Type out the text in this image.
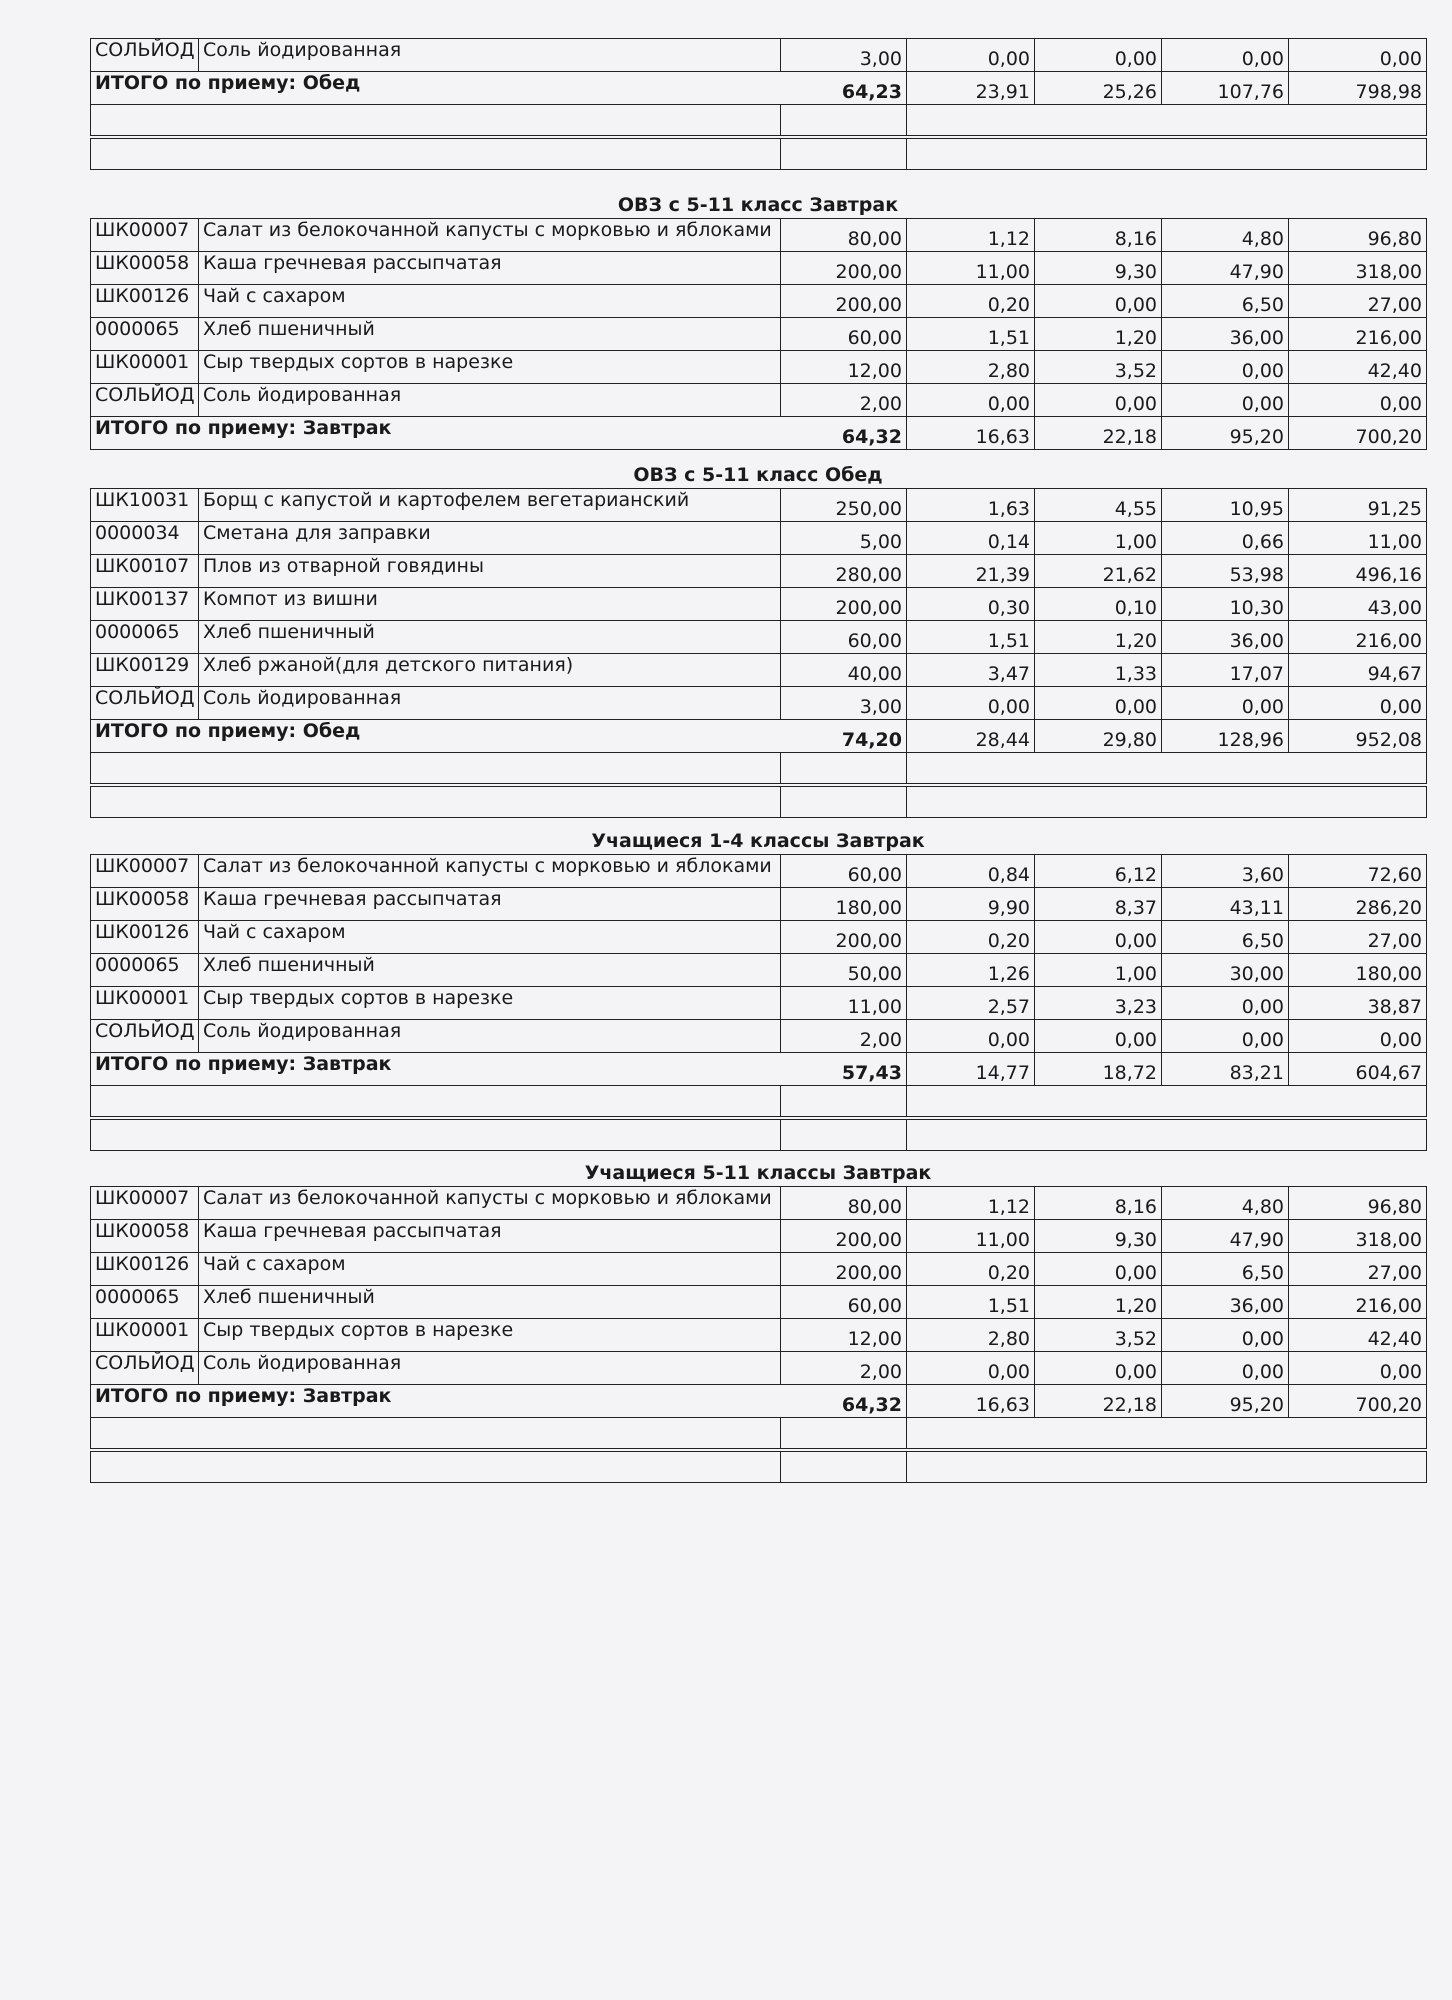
СОЛЬЙОД	Соль йодированная	3,00	0,00	0,00	0,00	0,00
ИТОГО по приему: Обед		64,23	23,91	25,26	107,76	798,98

ОВЗ с 5-11 класс Завтрак
ШК00007	Салат из белокочанной капусты с морковью и яблоками	80,00	1,12	8,16	4,80	96,80
ШК00058	Каша гречневая рассыпчатая	200,00	11,00	9,30	47,90	318,00
ШК00126	Чай с сахаром	200,00	0,20	0,00	6,50	27,00
0000065	Хлеб пшеничный	60,00	1,51	1,20	36,00	216,00
ШК00001	Сыр твердых сортов в нарезке	12,00	2,80	3,52	0,00	42,40
СОЛЬЙОД	Соль йодированная	2,00	0,00	0,00	0,00	0,00
ИТОГО по приему: Завтрак		64,32	16,63	22,18	95,20	700,20
ОВЗ с 5-11 класс Обед
ШК10031	Борщ с капустой и картофелем вегетарианский	250,00	1,63	4,55	10,95	91,25
0000034	Сметана для заправки	5,00	0,14	1,00	0,66	11,00
ШК00107	Плов из отварной говядины	280,00	21,39	21,62	53,98	496,16
ШК00137	Компот из вишни	200,00	0,30	0,10	10,30	43,00
0000065	Хлеб пшеничный	60,00	1,51	1,20	36,00	216,00
ШК00129	Хлеб ржаной(для детского питания)	40,00	3,47	1,33	17,07	94,67
СОЛЬЙОД	Соль йодированная	3,00	0,00	0,00	0,00	0,00
ИТОГО по приему: Обед		74,20	28,44	29,80	128,96	952,08

Учащиеся 1-4 классы Завтрак
ШК00007	Салат из белокочанной капусты с морковью и яблоками	60,00	0,84	6,12	3,60	72,60
ШК00058	Каша гречневая рассыпчатая	180,00	9,90	8,37	43,11	286,20
ШК00126	Чай с сахаром	200,00	0,20	0,00	6,50	27,00
0000065	Хлеб пшеничный	50,00	1,26	1,00	30,00	180,00
ШК00001	Сыр твердых сортов в нарезке	11,00	2,57	3,23	0,00	38,87
СОЛЬЙОД	Соль йодированная	2,00	0,00	0,00	0,00	0,00
ИТОГО по приему: Завтрак		57,43	14,77	18,72	83,21	604,67

Учащиеся 5-11 классы Завтрак
ШК00007	Салат из белокочанной капусты с морковью и яблоками	80,00	1,12	8,16	4,80	96,80
ШК00058	Каша гречневая рассыпчатая	200,00	11,00	9,30	47,90	318,00
ШК00126	Чай с сахаром	200,00	0,20	0,00	6,50	27,00
0000065	Хлеб пшеничный	60,00	1,51	1,20	36,00	216,00
ШК00001	Сыр твердых сортов в нарезке	12,00	2,80	3,52	0,00	42,40
СОЛЬЙОД	Соль йодированная	2,00	0,00	0,00	0,00	0,00
ИТОГО по приему: Завтрак		64,32	16,63	22,18	95,20	700,20
